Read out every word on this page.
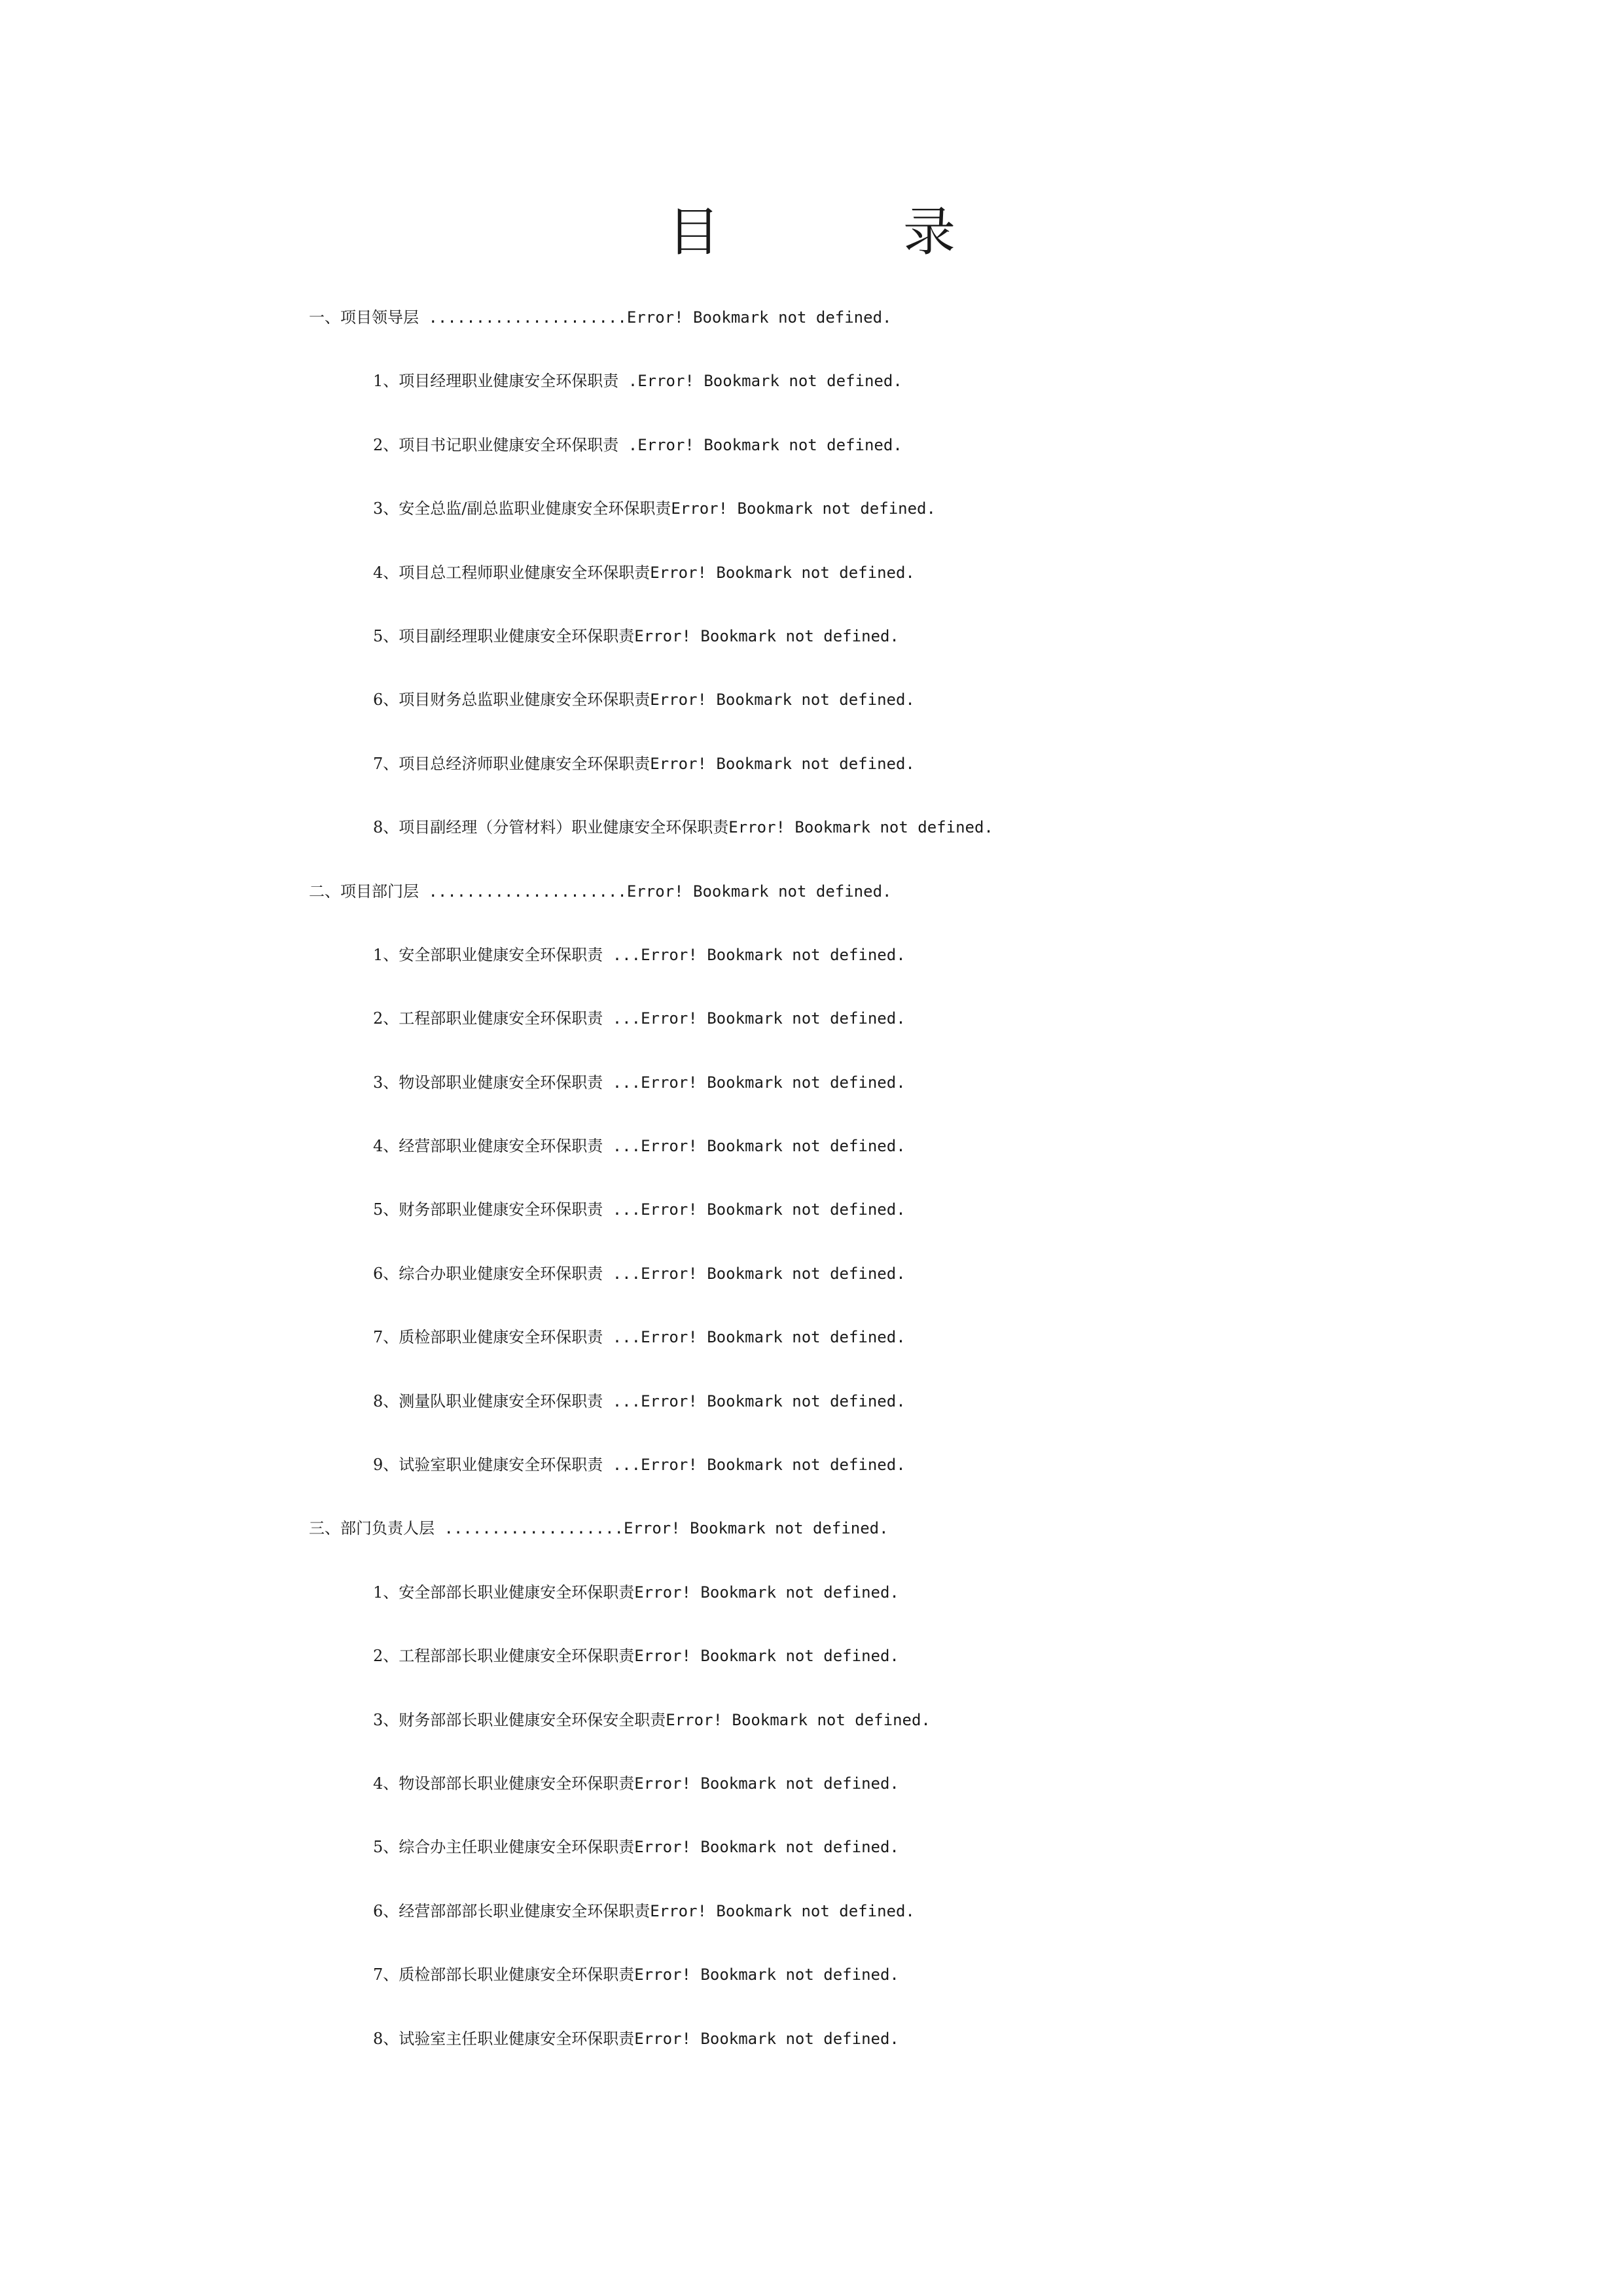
目　录
一、项目领导层 .....................Error! Bookmark not defined.
1、项目经理职业健康安全环保职责 .Error! Bookmark not defined.
2、项目书记职业健康安全环保职责 .Error! Bookmark not defined.
3、安全总监/副总监职业健康安全环保职责Error! Bookmark not defined.
4、项目总工程师职业健康安全环保职责Error! Bookmark not defined.
5、项目副经理职业健康安全环保职责Error! Bookmark not defined.
6、项目财务总监职业健康安全环保职责Error! Bookmark not defined.
7、项目总经济师职业健康安全环保职责Error! Bookmark not defined.
8、项目副经理（分管材料）职业健康安全环保职责Error! Bookmark not defined.
二、项目部门层 .....................Error! Bookmark not defined.
1、安全部职业健康安全环保职责 ...Error! Bookmark not defined.
2、工程部职业健康安全环保职责 ...Error! Bookmark not defined.
3、物设部职业健康安全环保职责 ...Error! Bookmark not defined.
4、经营部职业健康安全环保职责 ...Error! Bookmark not defined.
5、财务部职业健康安全环保职责 ...Error! Bookmark not defined.
6、综合办职业健康安全环保职责 ...Error! Bookmark not defined.
7、质检部职业健康安全环保职责 ...Error! Bookmark not defined.
8、测量队职业健康安全环保职责 ...Error! Bookmark not defined.
9、试验室职业健康安全环保职责 ...Error! Bookmark not defined.
三、部门负责人层 ...................Error! Bookmark not defined.
1、安全部部长职业健康安全环保职责Error! Bookmark not defined.
2、工程部部长职业健康安全环保职责Error! Bookmark not defined.
3、财务部部长职业健康安全环保安全职责Error! Bookmark not defined.
4、物设部部长职业健康安全环保职责Error! Bookmark not defined.
5、综合办主任职业健康安全环保职责Error! Bookmark not defined.
6、经营部部部长职业健康安全环保职责Error! Bookmark not defined.
7、质检部部长职业健康安全环保职责Error! Bookmark not defined.
8、试验室主任职业健康安全环保职责Error! Bookmark not defined.
